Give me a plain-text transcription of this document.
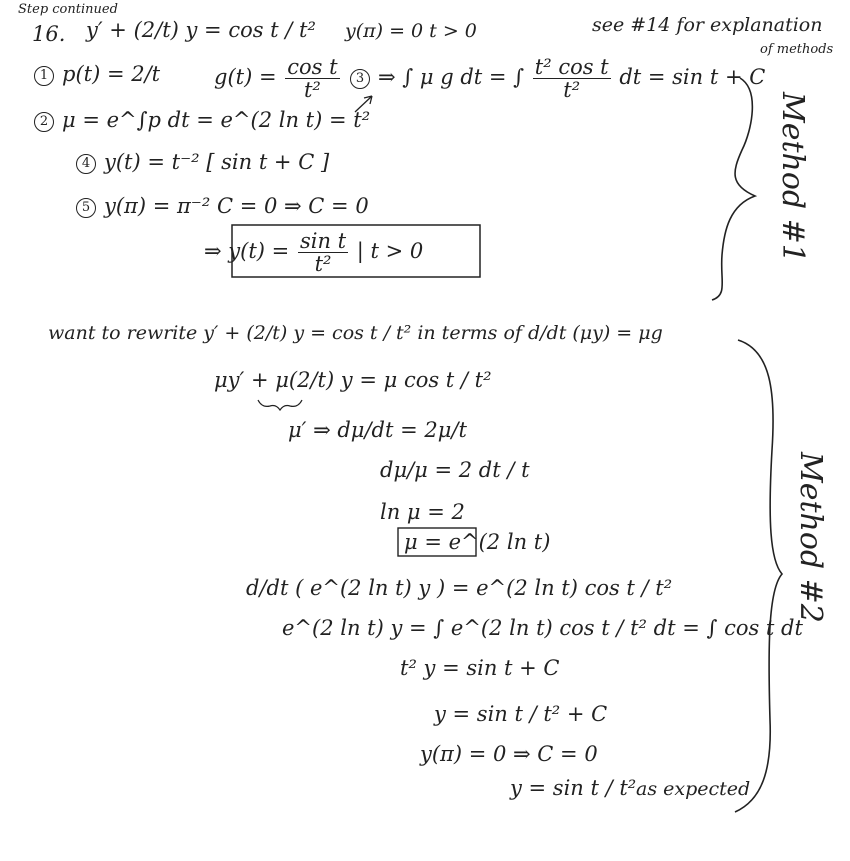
Step continued
16. y′ + (2/t) y = cos t / t² y(π) = 0 t > 0	see #14 for explanation
of methods
1 p(t) = 2/t	$g(t) = \frac{\text{cos t}}{\text{t²}}$	3 ⇒ ∫ μ g dt = ∫ $\frac{\text{t² cos t}}{\text{t²}}$ dt = sin t + C
2 μ = e^∫p dt = e^(2 ln t) = t²
4 y(t) = t⁻² [ sin t + C ]
5 y(π) = π⁻² C = 0 ⇒ C = 0
⇒ $y(t) = \frac{\text{sin t}}{\text{t²}}$ | t > 0	Method #1
want to rewrite y′ + (2/t) y = cos t / t² in terms of d/dt (μy) = μg
μy′ + μ(2/t) y = μ cos t / t²
μ′ ⇒ dμ/dt = 2μ/t
dμ/μ = 2 dt / t
ln μ = 2
μ = e^(2 ln t)
d/dt ( e^(2 ln t) y ) = e^(2 ln t) cos t / t²
e^(2 ln t) y = ∫ e^(2 ln t) cos t / t² dt = ∫ cos t dt
t² y = sin t + C
y = sin t / t² + C
y(π) = 0 ⇒ C = 0
y = sin t / t² as expected
Method #2
